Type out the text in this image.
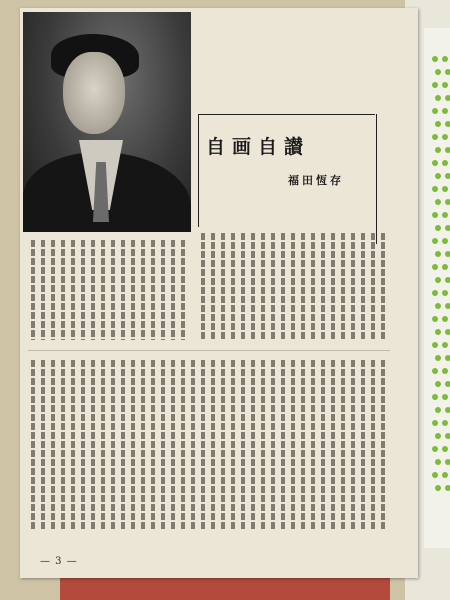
自画自讃
福田恆存
— 3 —
